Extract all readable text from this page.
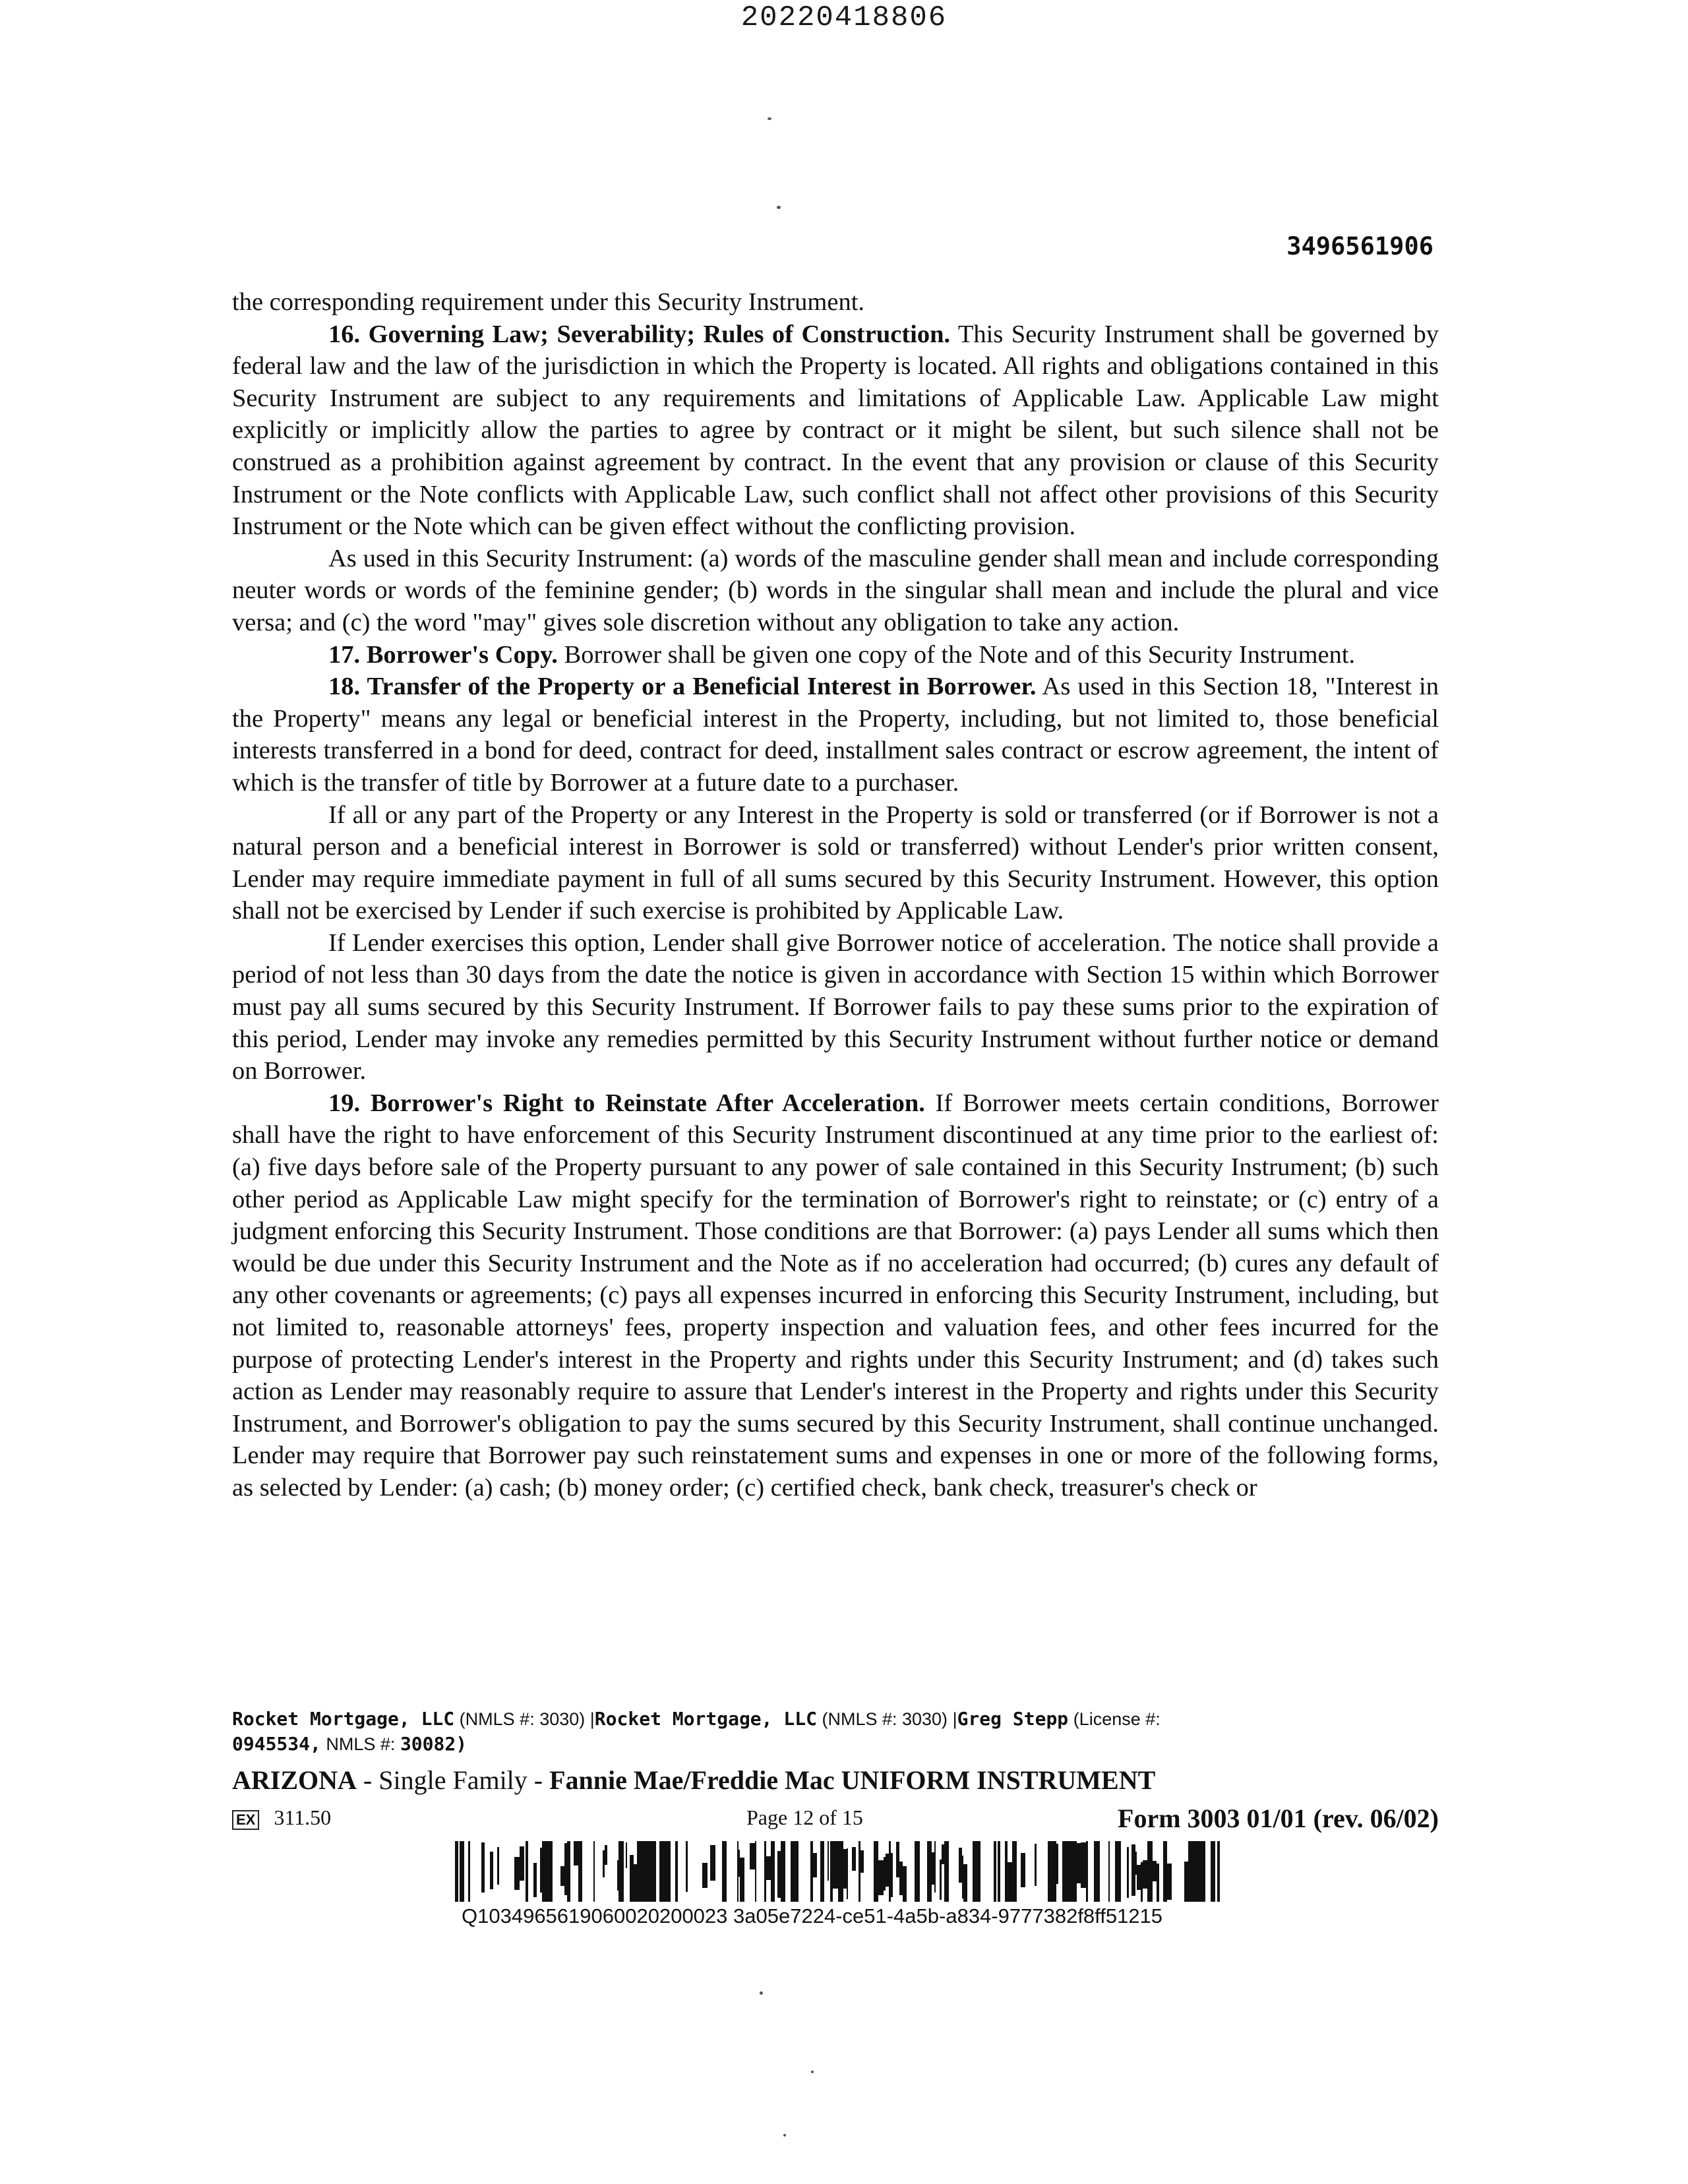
20220418806
3496561906

the corresponding requirement under this Security Instrument.

16. Governing Law; Severability; Rules of Construction. This Security Instrument shall be governed by federal law and the law of the jurisdiction in which the Property is located. All rights and obligations contained in this Security Instrument are subject to any requirements and limitations of Applicable Law. Applicable Law might explicitly or implicitly allow the parties to agree by contract or it might be silent, but such silence shall not be construed as a prohibition against agreement by contract. In the event that any provision or clause of this Security Instrument or the Note conflicts with Applicable Law, such conflict shall not affect other provisions of this Security Instrument or the Note which can be given effect without the conflicting provision.

As used in this Security Instrument: (a) words of the masculine gender shall mean and include corresponding neuter words or words of the feminine gender; (b) words in the singular shall mean and include the plural and vice versa; and (c) the word "may" gives sole discretion without any obligation to take any action.

17. Borrower's Copy. Borrower shall be given one copy of the Note and of this Security Instrument.

18. Transfer of the Property or a Beneficial Interest in Borrower. As used in this Section 18, "Interest in the Property" means any legal or beneficial interest in the Property, including, but not limited to, those beneficial interests transferred in a bond for deed, contract for deed, installment sales contract or escrow agreement, the intent of which is the transfer of title by Borrower at a future date to a purchaser.

If all or any part of the Property or any Interest in the Property is sold or transferred (or if Borrower is not a natural person and a beneficial interest in Borrower is sold or transferred) without Lender's prior written consent, Lender may require immediate payment in full of all sums secured by this Security Instrument. However, this option shall not be exercised by Lender if such exercise is prohibited by Applicable Law.

If Lender exercises this option, Lender shall give Borrower notice of acceleration. The notice shall provide a period of not less than 30 days from the date the notice is given in accordance with Section 15 within which Borrower must pay all sums secured by this Security Instrument. If Borrower fails to pay these sums prior to the expiration of this period, Lender may invoke any remedies permitted by this Security Instrument without further notice or demand on Borrower.

19. Borrower's Right to Reinstate After Acceleration. If Borrower meets certain conditions, Borrower shall have the right to have enforcement of this Security Instrument discontinued at any time prior to the earliest of: (a) five days before sale of the Property pursuant to any power of sale contained in this Security Instrument; (b) such other period as Applicable Law might specify for the termination of Borrower's right to reinstate; or (c) entry of a judgment enforcing this Security Instrument. Those conditions are that Borrower: (a) pays Lender all sums which then would be due under this Security Instrument and the Note as if no acceleration had occurred; (b) cures any default of any other covenants or agreements; (c) pays all expenses incurred in enforcing this Security Instrument, including, but not limited to, reasonable attorneys' fees, property inspection and valuation fees, and other fees incurred for the purpose of protecting Lender's interest in the Property and rights under this Security Instrument; and (d) takes such action as Lender may reasonably require to assure that Lender's interest in the Property and rights under this Security Instrument, and Borrower's obligation to pay the sums secured by this Security Instrument, shall continue unchanged. Lender may require that Borrower pay such reinstatement sums and expenses in one or more of the following forms, as selected by Lender: (a) cash; (b) money order; (c) certified check, bank check, treasurer's check or

Rocket Mortgage, LLC (NMLS #: 3030) |Rocket Mortgage, LLC (NMLS #: 3030) |Greg Stepp (License #:
0945534, NMLS #: 30082)
ARIZONA - Single Family - Fannie Mae/Freddie Mac UNIFORM INSTRUMENT
EX 311.50	Page 12 of 15	Form 3003 01/01 (rev. 06/02)
Q1034965619060020200023 3a05e7224-ce51-4a5b-a834-9777382f8ff51215
